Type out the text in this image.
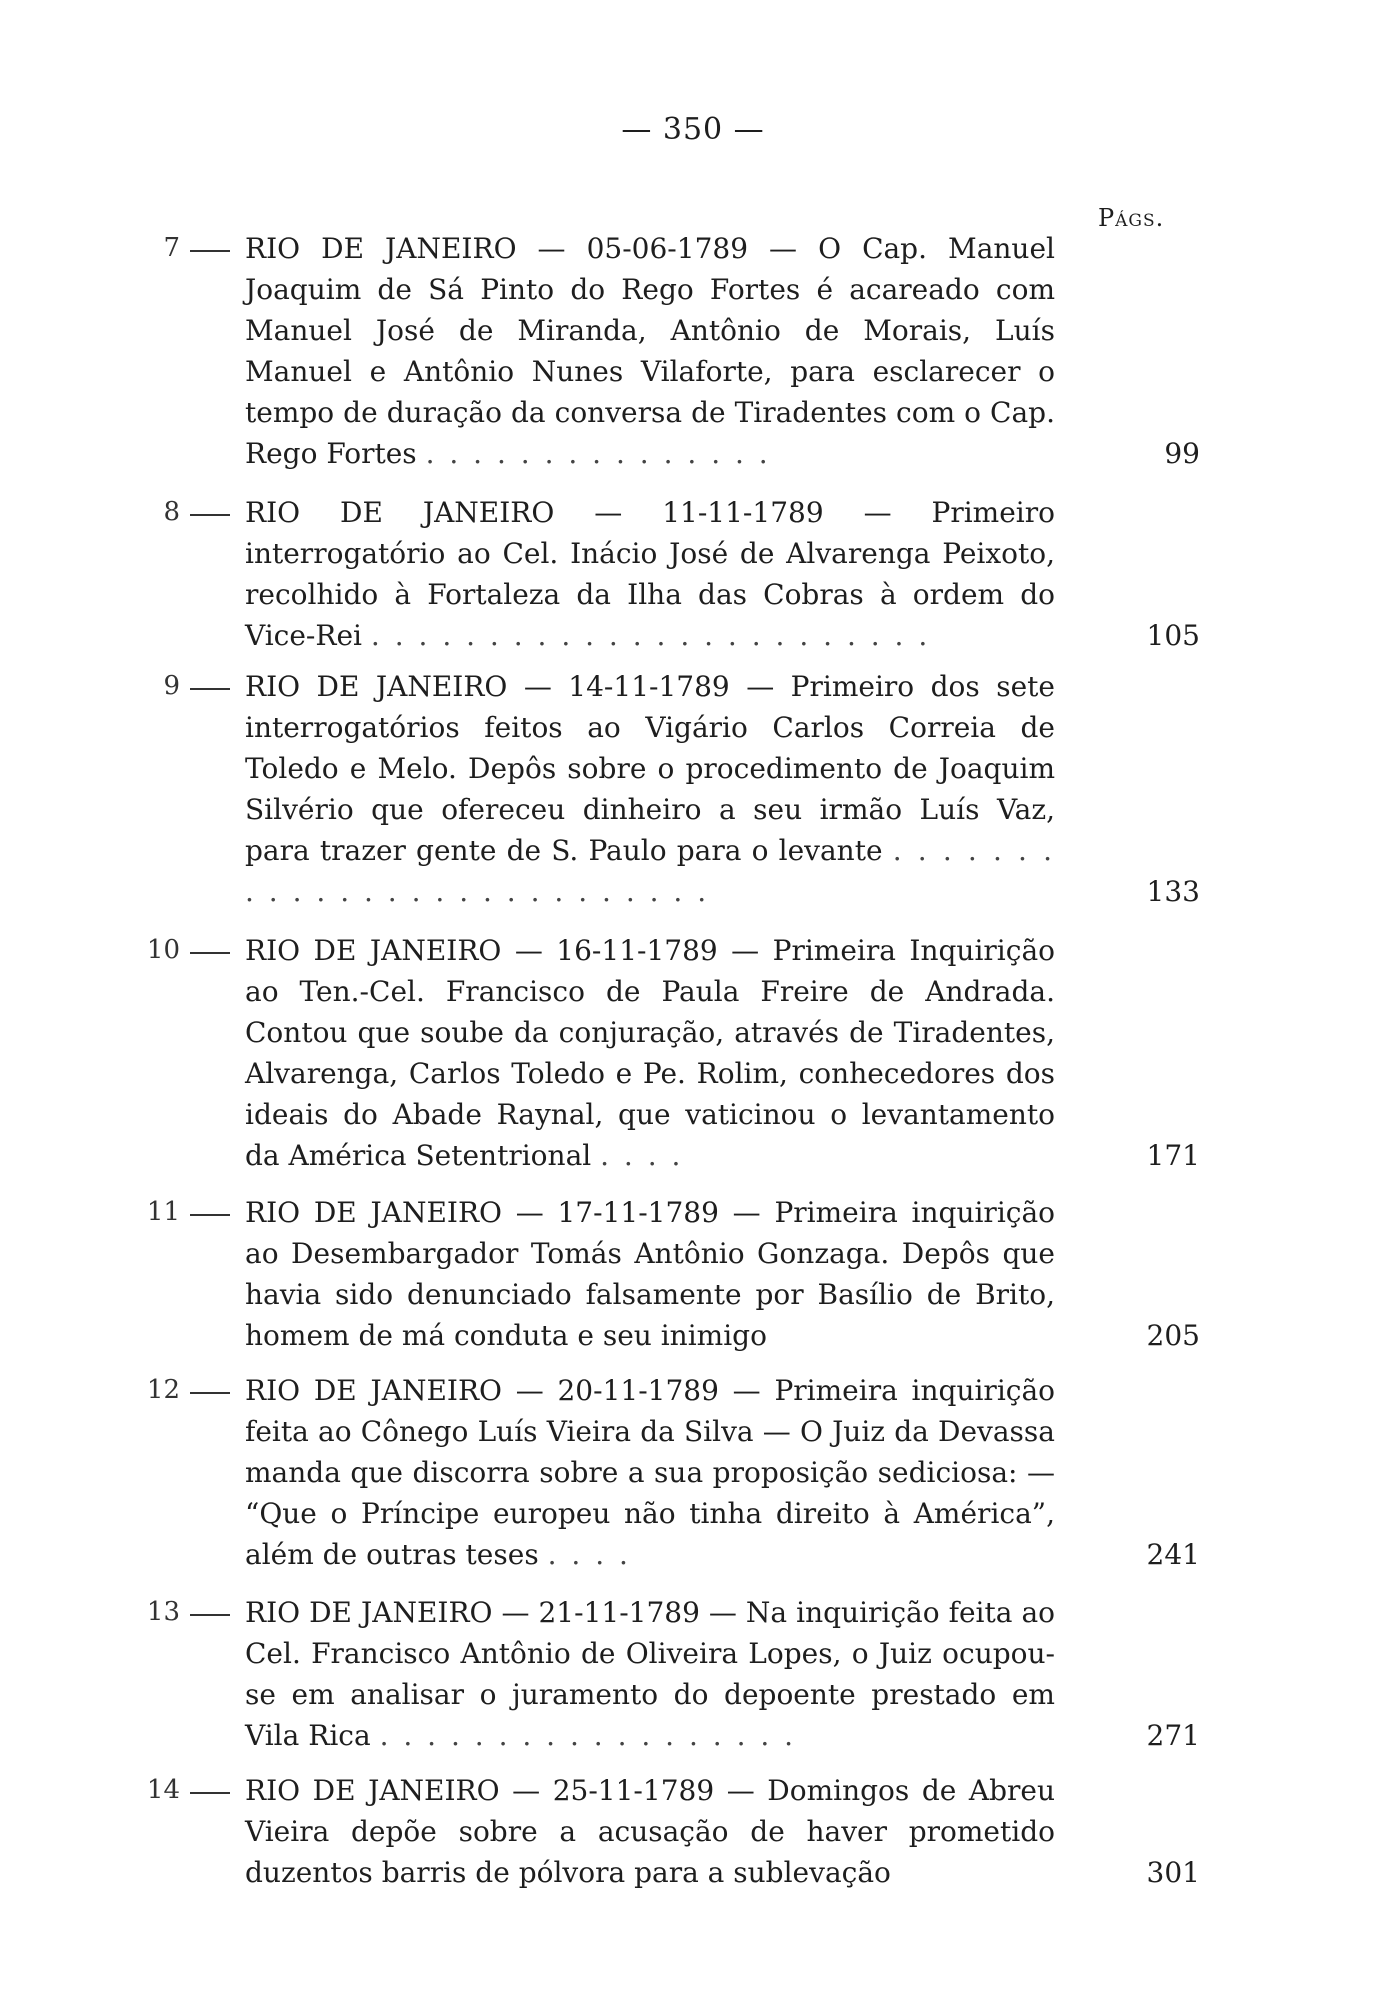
— 350 —
Págs.
7 RIO DE JANEIRO — 05-06-1789 — O Cap. Manuel Joaquim de Sá Pinto do Rego Fortes é acareado com Manuel José de Miranda, Antônio de Morais, Luís Manuel e Antônio Nunes Vilaforte, para esclarecer o tempo de duração da conversa de Tiradentes com o Cap. Rego Fortes . . . . . . . . . . . . . . .	99
8 RIO DE JANEIRO — 11-11-1789 — Primeiro interrogatório ao Cel. Inácio José de Alvarenga Peixoto, recolhido à Fortaleza da Ilha das Cobras à ordem do Vice-Rei . . . . . . . . . . . . . . . . . . . . . . . .	105
9 RIO DE JANEIRO — 14-11-1789 — Primeiro dos sete interrogatórios feitos ao Vigário Carlos Correia de Toledo e Melo. Depôs sobre o procedimento de Joaquim Silvério que ofereceu dinheiro a seu irmão Luís Vaz, para trazer gente de S. Paulo para o levante . . . . . . . . . . . . . . . . . . . . . . . . . . .	133
10 RIO DE JANEIRO — 16-11-1789 — Primeira Inquirição ao Ten.-Cel. Francisco de Paula Freire de Andrada. Contou que soube da conjuração, através de Tiradentes, Alvarenga, Carlos Toledo e Pe. Rolim, conhecedores dos ideais do Abade Raynal, que vaticinou o levantamento da América Setentrional . . . .	171
11 RIO DE JANEIRO — 17-11-1789 — Primeira inquirição ao Desembargador Tomás Antônio Gonzaga. Depôs que havia sido denunciado falsamente por Basílio de Brito, homem de má conduta e seu inimigo	205
12 RIO DE JANEIRO — 20-11-1789 — Primeira inquirição feita ao Cônego Luís Vieira da Silva — O Juiz da Devassa manda que discorra sobre a sua proposição sediciosa: — “Que o Príncipe europeu não tinha direito à América”, além de outras teses . . . .	241
13 RIO DE JANEIRO — 21-11-1789 — Na inquirição feita ao Cel. Francisco Antônio de Oliveira Lopes, o Juiz ocupou-se em analisar o juramento do depoente prestado em Vila Rica . . . . . . . . . . . . . . . . . .	271
14 RIO DE JANEIRO — 25-11-1789 — Domingos de Abreu Vieira depõe sobre a acusação de haver prometido duzentos barris de pólvora para a sublevação	301
